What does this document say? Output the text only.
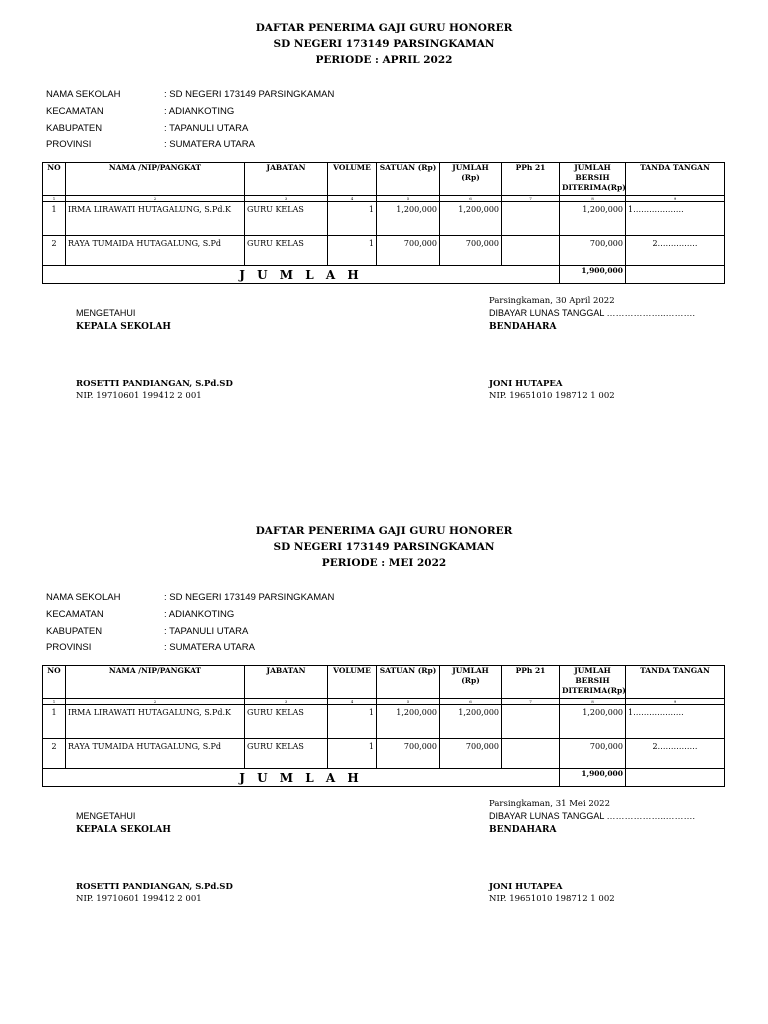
DAFTAR PENERIMA GAJI GURU HONORER
SD NEGERI 173149 PARSINGKAMAN
PERIODE : APRIL 2022
NAMA SEKOLAH	: SD NEGERI 173149 PARSINGKAMAN
KECAMATAN	: ADIANKOTING
KABUPATEN	: TAPANULI UTARA
PROVINSI	: SUMATERA UTARA
NO	NAMA /NIP/PANGKAT	JABATAN	VOLUME	SATUAN (Rp)	JUMLAH (Rp)	PPh 21	JUMLAH BERSIH DITERIMA(Rp)	TANDA TANGAN
1	2	3	4	5	6	7	8	9
1	IRMA LIRAWATI HUTAGALUNG, S.Pd.K	GURU KELAS	1	1,200,000	1,200,000		1,200,000	1……………….
2	RAYA TUMAIDA HUTAGALUNG, S.Pd	GURU KELAS	1	700,000	700,000		700,000	2……………
J U M L A H							1,900,000	
Parsingkaman, 30 April 2022
MENGETAHUI
KEPALA SEKOLAH
DIBAYAR LUNAS TANGGAL ………………..……….
BENDAHARA
ROSETTI PANDIANGAN, S.Pd.SD
NIP. 19710601 199412 2 001
JONI HUTAPEA
NIP. 19651010 198712 1 002
DAFTAR PENERIMA GAJI GURU HONORER
SD NEGERI 173149 PARSINGKAMAN
PERIODE : MEI 2022
NAMA SEKOLAH	: SD NEGERI 173149 PARSINGKAMAN
KECAMATAN	: ADIANKOTING
KABUPATEN	: TAPANULI UTARA
PROVINSI	: SUMATERA UTARA
NO	NAMA /NIP/PANGKAT	JABATAN	VOLUME	SATUAN (Rp)	JUMLAH (Rp)	PPh 21	JUMLAH BERSIH DITERIMA(Rp)	TANDA TANGAN
1	2	3	4	5	6	7	8	9
1	IRMA LIRAWATI HUTAGALUNG, S.Pd.K	GURU KELAS	1	1,200,000	1,200,000		1,200,000	1……………….
2	RAYA TUMAIDA HUTAGALUNG, S.Pd	GURU KELAS	1	700,000	700,000		700,000	2……………
J U M L A H							1,900,000	
Parsingkaman, 31 Mei 2022
MENGETAHUI
KEPALA SEKOLAH
DIBAYAR LUNAS TANGGAL ………………..……….
BENDAHARA
ROSETTI PANDIANGAN, S.Pd.SD
NIP. 19710601 199412 2 001
JONI HUTAPEA
NIP. 19651010 198712 1 002
